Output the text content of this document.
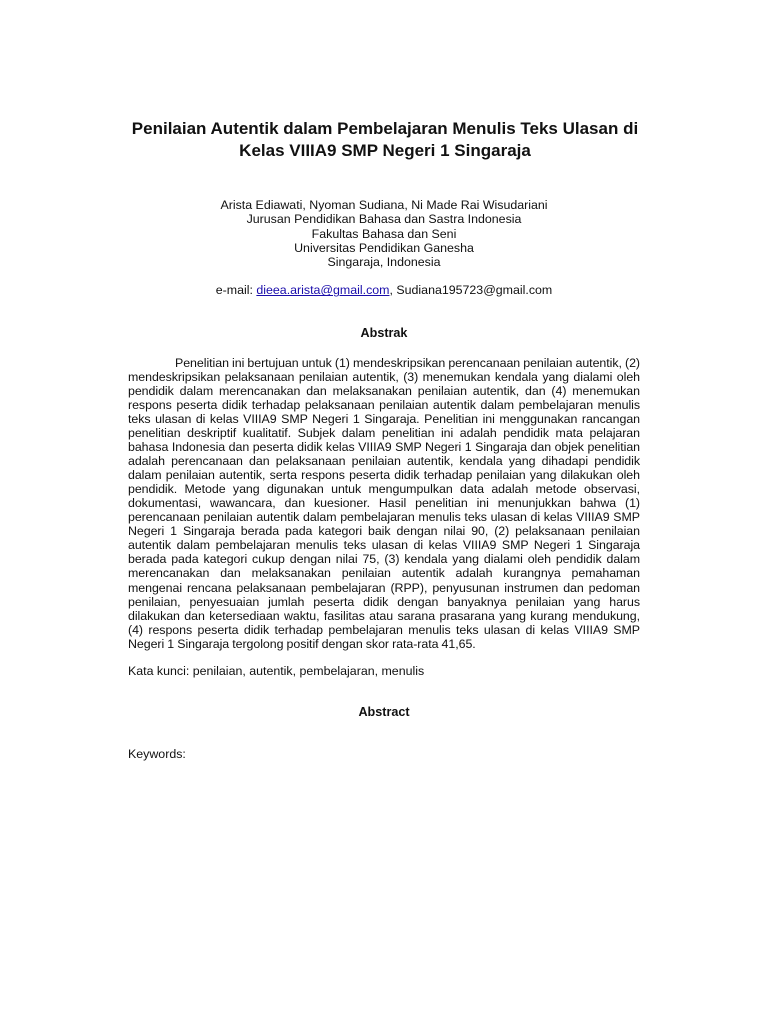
Penilaian Autentik dalam Pembelajaran Menulis Teks Ulasan di Kelas VIIIA9 SMP Negeri 1 Singaraja
Arista Ediawati, Nyoman Sudiana, Ni Made Rai Wisudariani
Jurusan Pendidikan Bahasa dan Sastra Indonesia
Fakultas Bahasa dan Seni
Universitas Pendidikan Ganesha
Singaraja, Indonesia
e-mail: dieea.arista@gmail.com, Sudiana195723@gmail.com
Abstrak

Penelitian ini bertujuan untuk (1) mendeskripsikan perencanaan penilaian autentik, (2) mendeskripsikan pelaksanaan penilaian autentik, (3) menemukan kendala yang dialami oleh pendidik dalam merencanakan dan melaksanakan penilaian autentik, dan (4) menemukan respons peserta didik terhadap pelaksanaan penilaian autentik dalam pembelajaran menulis teks ulasan di kelas VIIIA9 SMP Negeri 1 Singaraja. Penelitian ini menggunakan rancangan penelitian deskriptif kualitatif. Subjek dalam penelitian ini adalah pendidik mata pelajaran bahasa Indonesia dan peserta didik kelas VIIIA9 SMP Negeri 1 Singaraja dan objek penelitian adalah perencanaan dan pelaksanaan penilaian autentik, kendala yang dihadapi pendidik dalam penilaian autentik, serta respons peserta didik terhadap penilaian yang dilakukan oleh pendidik. Metode yang digunakan untuk mengumpulkan data adalah metode observasi, dokumentasi, wawancara, dan kuesioner. Hasil penelitian ini menunjukkan bahwa (1) perencanaan penilaian autentik dalam pembelajaran menulis teks ulasan di kelas VIIIA9 SMP Negeri 1 Singaraja berada pada kategori baik dengan nilai 90, (2) pelaksanaan penilaian autentik dalam pembelajaran menulis teks ulasan di kelas VIIIA9 SMP Negeri 1 Singaraja berada pada kategori cukup dengan nilai 75, (3) kendala yang dialami oleh pendidik dalam merencanakan dan melaksanakan penilaian autentik adalah kurangnya pemahaman mengenai rencana pelaksanaan pembelajaran (RPP), penyusunan instrumen dan pedoman penilaian, penyesuaian jumlah peserta didik dengan banyaknya penilaian yang harus dilakukan dan ketersediaan waktu, fasilitas atau sarana prasarana yang kurang mendukung, (4) respons peserta didik terhadap pembelajaran menulis teks ulasan di kelas VIIIA9 SMP Negeri 1 Singaraja tergolong positif dengan skor rata-rata 41,65.

Kata kunci: penilaian, autentik, pembelajaran, menulis

Abstract

Keywords:
